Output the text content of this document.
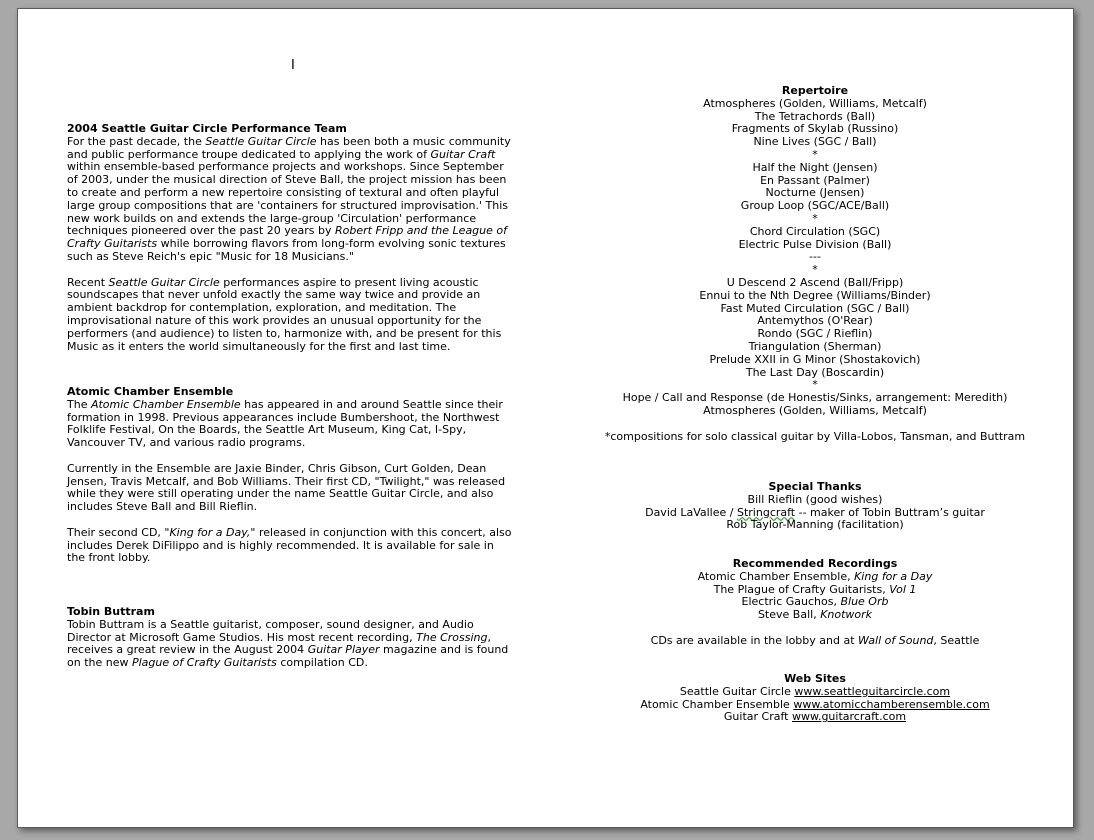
I
2004 Seattle Guitar Circle Performance Team

For the past decade, the Seattle Guitar Circle has been both a music community and public performance troupe dedicated to applying the work of Guitar Craft within ensemble-based performance projects and workshops. Since September of 2003, under the musical direction of Steve Ball, the project mission has been to create and perform a new repertoire consisting of textural and often playful large group compositions that are 'containers for structured improvisation.' This new work builds on and extends the large-group 'Circulation' performance techniques pioneered over the past 20 years by Robert Fripp and the League of Crafty Guitarists while borrowing flavors from long-form evolving sonic textures such as Steve Reich's epic "Music for 18 Musicians."

Recent Seattle Guitar Circle performances aspire to present living acoustic soundscapes that never unfold exactly the same way twice and provide an ambient backdrop for contemplation, exploration, and meditation. The improvisational nature of this work provides an unusual opportunity for the performers (and audience) to listen to, harmonize with, and be present for this Music as it enters the world simultaneously for the first and last time.

Atomic Chamber Ensemble

The Atomic Chamber Ensemble has appeared in and around Seattle since their formation in 1998. Previous appearances include Bumbershoot, the Northwest Folklife Festival, On the Boards, the Seattle Art Museum, King Cat, I-Spy, Vancouver TV, and various radio programs.

Currently in the Ensemble are Jaxie Binder, Chris Gibson, Curt Golden, Dean Jensen, Travis Metcalf, and Bob Williams. Their first CD, "Twilight," was released while they were still operating under the name Seattle Guitar Circle, and also includes Steve Ball and Bill Rieflin.

Their second CD, "King for a Day," released in conjunction with this concert, also includes Derek DiFilippo and is highly recommended. It is available for sale in the front lobby.

Tobin Buttram

Tobin Buttram is a Seattle guitarist, composer, sound designer, and Audio Director at Microsoft Game Studios. His most recent recording, The Crossing, receives a great review in the August 2004 Guitar Player magazine and is found on the new Plague of Crafty Guitarists compilation CD.

Repertoire
Atmospheres (Golden, Williams, Metcalf)
The Tetrachords (Ball)
Fragments of Skylab (Russino)
Nine Lives (SGC / Ball)
*
Half the Night (Jensen)
En Passant (Palmer)
Nocturne (Jensen)
Group Loop (SGC/ACE/Ball)
*
Chord Circulation (SGC)
Electric Pulse Division (Ball)
---
*
U Descend 2 Ascend (Ball/Fripp)
Ennui to the Nth Degree (Williams/Binder)
Fast Muted Circulation (SGC / Ball)
Antemythos (O'Rear)
Rondo (SGC / Rieflin)
Triangulation (Sherman)
Prelude XXII in G Minor (Shostakovich)
The Last Day (Boscardin)
*
Hope / Call and Response (de Honestis/Sinks, arrangement: Meredith)
Atmospheres (Golden, Williams, Metcalf)
*compositions for solo classical guitar by Villa-Lobos, Tansman, and Buttram
Special Thanks
Bill Rieflin (good wishes)
David LaVallee / Stringcraft -- maker of Tobin Buttram’s guitar
Rob Taylor-Manning (facilitation)
Recommended Recordings
Atomic Chamber Ensemble, King for a Day
The Plague of Crafty Guitarists, Vol 1
Electric Gauchos, Blue Orb
Steve Ball, Knotwork
CDs are available in the lobby and at Wall of Sound, Seattle
Web Sites
Seattle Guitar Circle www.seattleguitarcircle.com
Atomic Chamber Ensemble www.atomicchamberensemble.com
Guitar Craft www.guitarcraft.com
